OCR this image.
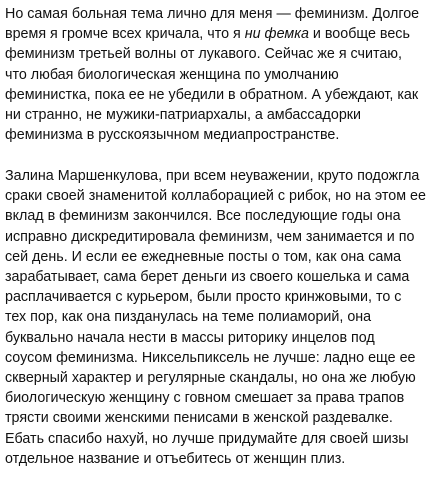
Но самая больная тема лично для меня — феминизм. Долгое

время я громче всех кричала, что я ни фемка и вообще весь

феминизм третьей волны от лукавого. Сейчас же я считаю,

что любая биологическая женщина по умолчанию

феминистка, пока ее не убедили в обратном. А убеждают, как

ни странно, не мужики-патриархалы, а амбассадорки

феминизма в русскоязычном медиапространстве.

Залина Маршенкулова, при всем неуважении, круто подожгла

сраки своей знаменитой коллаборацией с рибок, но на этом ее

вклад в феминизм закончился. Все последующие годы она

исправно дискредитировала феминизм, чем занимается и по

сей день. И если ее ежедневные посты о том, как она сама

зарабатывает, сама берет деньги из своего кошелька и сама

расплачивается с курьером, были просто кринжовыми, то с

тех пор, как она пизданулась на теме полиаморий, она

буквально начала нести в массы риторику инцелов под

соусом феминизма. Никсельпиксель не лучше: ладно еще ее

скверный характер и регулярные скандалы, но она же любую

биологическую женщину с говном смешает за права трапов

трясти своими женскими пенисами в женской раздевалке.

Ебать спасибо нахуй, но лучше придумайте для своей шизы

отдельное название и отъебитесь от женщин плиз.
